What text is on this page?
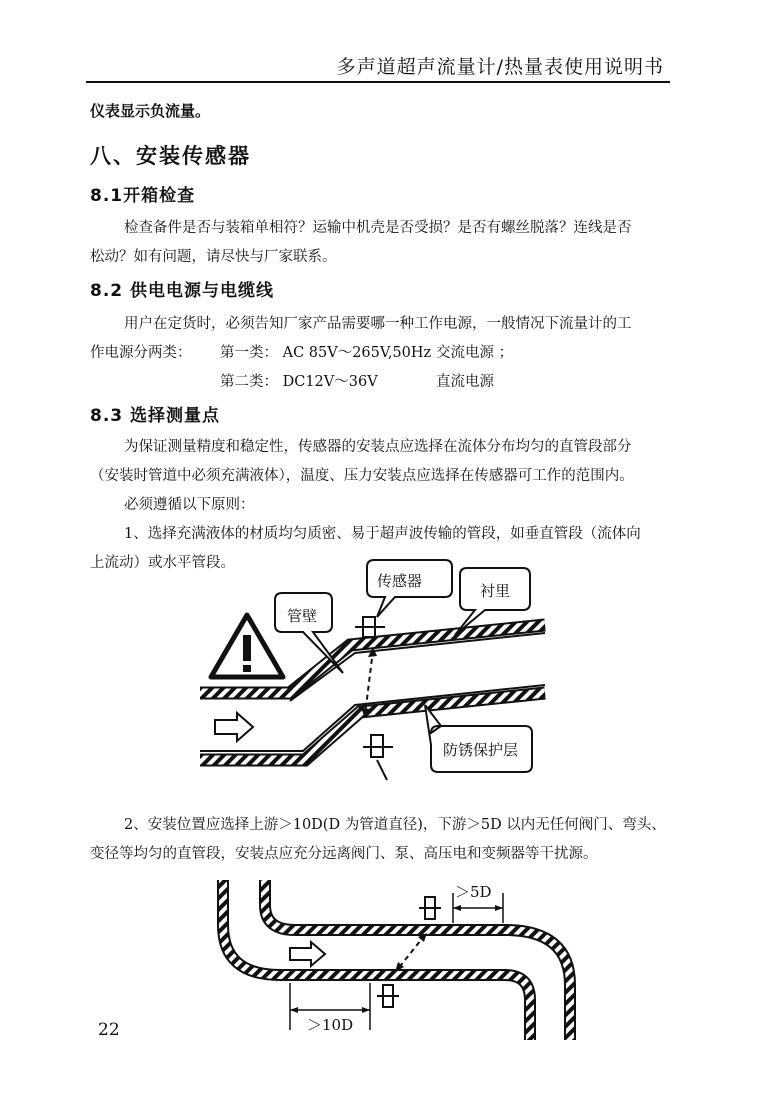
多声道超声流量计/热量表使用说明书
仪表显示负流量。
八、安装传感器
8.1开箱检查
检查备件是否与装箱单相符？运输中机壳是否受损？是否有螺丝脱落？连线是否
松动？如有问题，请尽快与厂家联系。
8.2 供电电源与电缆线
用户在定货时，必须告知厂家产品需要哪一种工作电源，一般情况下流量计的工
作电源分两类： 第一类： AC 85V～265V,50Hz 交流电源 ；
第二类： DC12V～36V	直流电源
8.3 选择测量点
为保证测量精度和稳定性，传感器的安装点应选择在流体分布均匀的直管段部分
（安装时管道中必须充满液体），温度、压力安装点应选择在传感器可工作的范围内。
必须遵循以下原则：
1、选择充满液体的材质均匀质密、易于超声波传输的管段，如垂直管段（流体向
上流动）或水平管段。
管壁
传感器
衬里
防锈保护层
2、安装位置应选择上游＞10D(D 为管道直径)，下游＞5D 以内无任何阀门、弯头、
变径等均匀的直管段，安装点应充分远离阀门、泵、高压电和变频器等干扰源。
＞5D
＞10D
22
